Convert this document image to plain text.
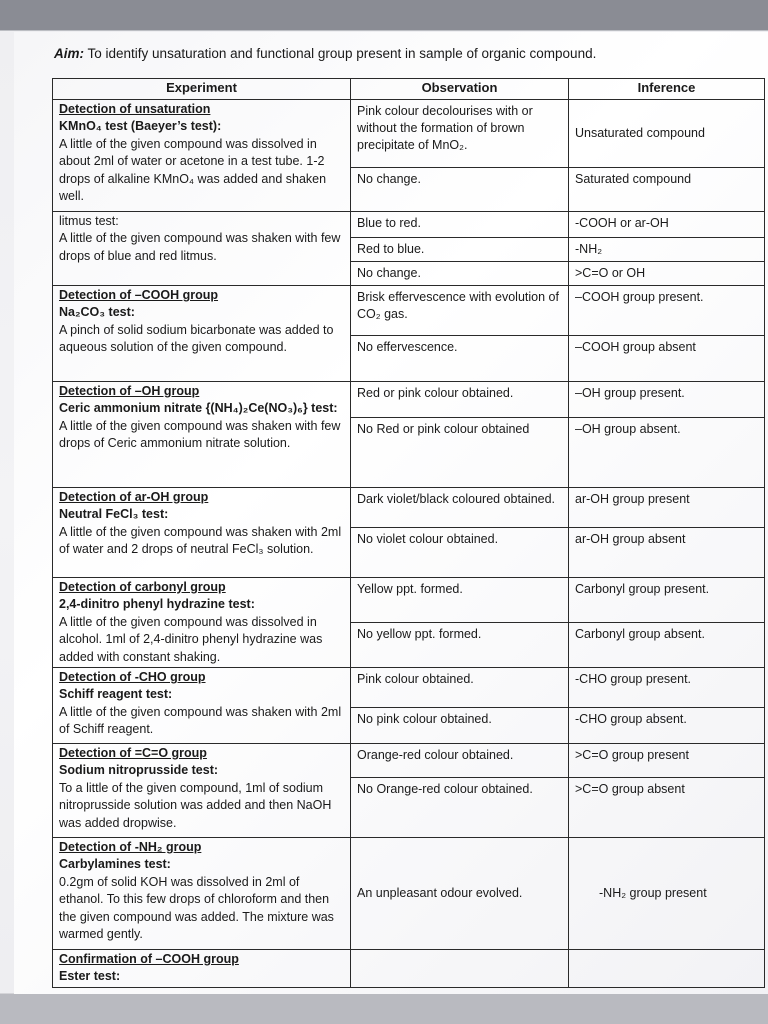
Aim: To identify unsaturation and functional group present in sample of organic compound.
Experiment	Observation	Inference

Detection of unsaturation
KMnO₄ test (Baeyer’s test):
A little of the given compound was dissolved in about 2ml of water or acetone in a test tube. 1-2 drops of alkaline KMnO₄ was added and shaken well.	Pink colour decolourises with or without the formation of brown precipitate of MnO₂.	Unsaturated compound
	No change.	Saturated compound

litmus test:
A little of the given compound was shaken with few drops of blue and red litmus.	Blue to red.	-COOH or ar-OH
	Red to blue.	-NH₂
	No change.	>C=O or OH

Detection of –COOH group
Na₂CO₃ test:
A pinch of solid sodium bicarbonate was added to aqueous solution of the given compound.	Brisk effervescence with evolution of CO₂ gas.	–COOH group present.
	No effervescence.	–COOH group absent

Detection of –OH group
Ceric ammonium nitrate {(NH₄)₂Ce(NO₃)₆} test:
A little of the given compound was shaken with few drops of Ceric ammonium nitrate solution.	Red or pink colour obtained.	–OH group present.
	No Red or pink colour obtained	–OH group absent.

Detection of ar-OH group
Neutral FeCl₃ test:
A little of the given compound was shaken with 2ml of water and 2 drops of neutral FeCl₃ solution.	Dark violet/black coloured obtained.	ar-OH group present
	No violet colour obtained.	ar-OH group absent

Detection of carbonyl group
2,4-dinitro phenyl hydrazine test:
A little of the given compound was dissolved in alcohol. 1ml of 2,4-dinitro phenyl hydrazine was added with constant shaking.	Yellow ppt. formed.	Carbonyl group present.
	No yellow ppt. formed.	Carbonyl group absent.

Detection of -CHO group
Schiff reagent test:
A little of the given compound was shaken with 2ml of Schiff reagent.	Pink colour obtained.	-CHO group present.
	No pink colour obtained.	-CHO group absent.

Detection of =C=O group
Sodium nitroprusside test:
To a little of the given compound, 1ml of sodium nitroprusside solution was added and then NaOH was added dropwise.	Orange-red colour obtained.	>C=O group present
	No Orange-red colour obtained.	>C=O group absent

Detection of -NH₂ group
Carbylamines test:
0.2gm of solid KOH was dissolved in 2ml of ethanol. To this few drops of chloroform and then the given compound was added. The mixture was warmed gently.	An unpleasant odour evolved.	-NH₂ group present

Confirmation of –COOH group
Ester test:		
